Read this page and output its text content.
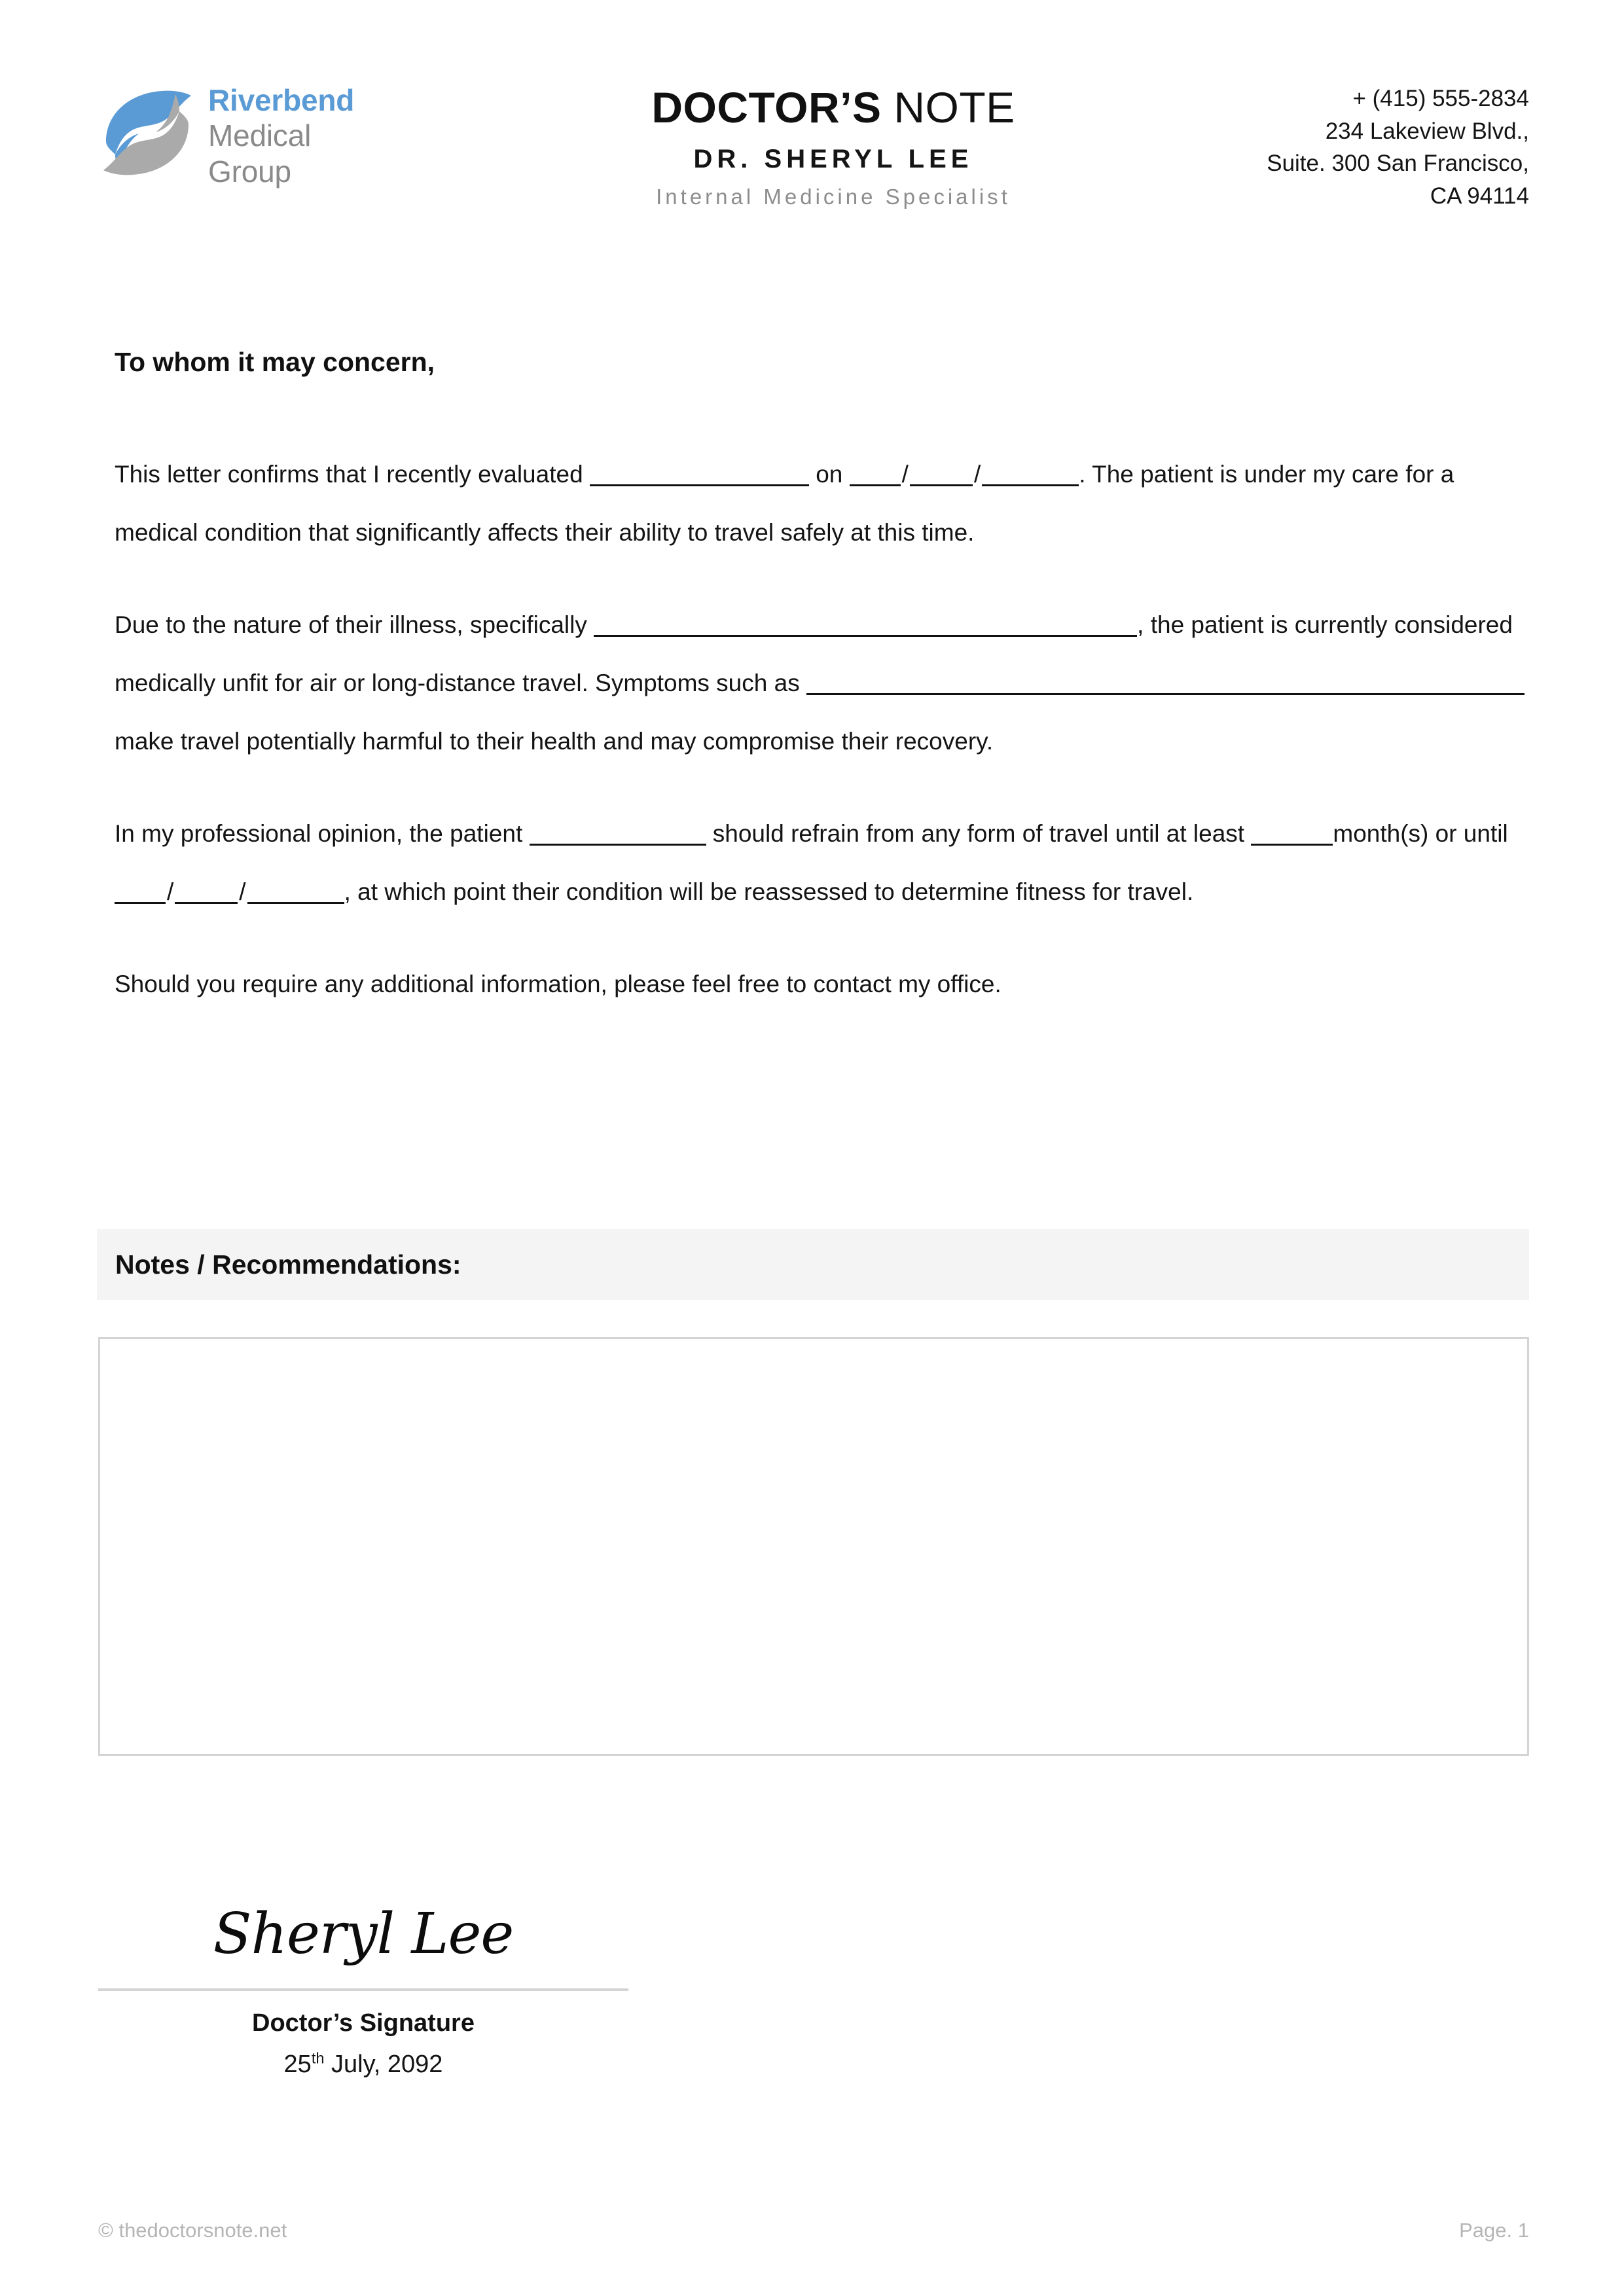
Riverbend
Medical
Group
DOCTOR’S NOTE
DR. SHERYL LEE
Internal Medicine Specialist
+ (415) 555-2834
234 Lakeview Blvd.,
Suite. 300 San Francisco,
CA 94114
To whom it may concern,

This letter confirms that I recently evaluated	on /	/	. The patient is under my care for a medical condition that significantly affects their ability to travel safely at this time.

Due to the nature of their illness, specifically	, the patient is currently considered medically unfit for air or long-distance travel. Symptoms such as make travel potentially harmful to their health and may compromise their recovery.

In my professional opinion, the patient	should refrain from any form of travel until at least	month(s) or until /	/	, at which point their condition will be reassessed to determine fitness for travel.

Should you require any additional information, please feel free to contact my office.

Notes / Recommendations:
Sheryl Lee
Doctor’s Signature
25th July, 2092
© thedoctorsnote.net	Page. 1
